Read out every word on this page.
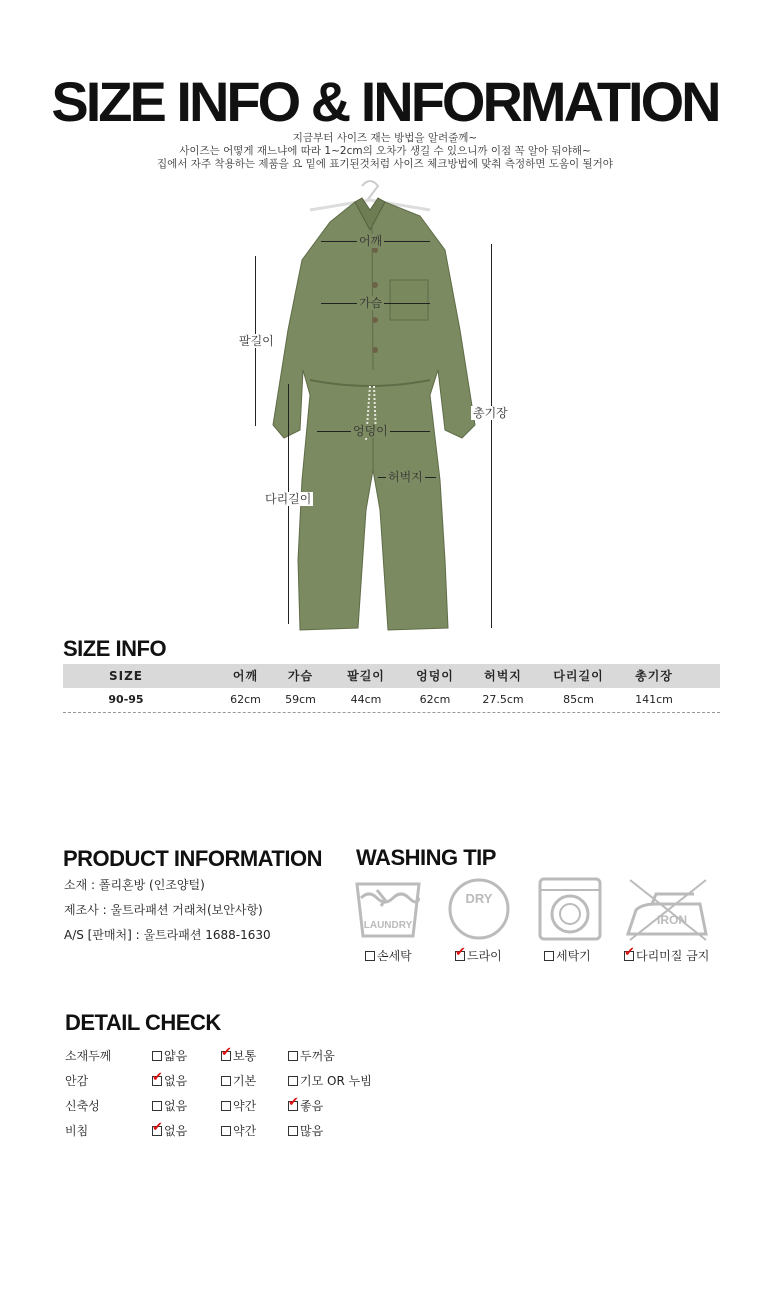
SIZE INFO & INFORMATION
지금부터 사이즈 재는 방법을 알려줄께~
사이즈는 어떻게 재느냐에 따라 1~2cm의 오차가 생길 수 있으니까 이점 꼭 알아 둬야해~
집에서 자주 착용하는 제품을 요 밑에 표기된것처럼 사이즈 체크방법에 맞춰 측정하면 도움이 될거야
어깨
가슴
엉덩이
허벅지
팔길이
다리길이
총기장
SIZE INFO
SIZE	어깨	가슴	팔길이	엉덩이	허벅지	다리길이	총기장
90-95	62cm	59cm	44cm	62cm	27.5cm	85cm	141cm
PRODUCT INFORMATION
소재 : 폴리혼방 (인조양털)
제조사 : 울트라패션 거래처(보안사항)
A/S [판매처] : 울트라패션 1688-1630
WASHING TIP
LAUNDRY
DRY
IRON
손세탁 ✔	드라이	세탁기 ✔	다리미질 금지
DETAIL CHECK
소재두께	얇음 ✔	보통	두꺼움
안감 ✔	없음	기본	기모 OR 누빔
신축성	없음	약간 ✔	좋음
비침 ✔	없음	약간	많음
